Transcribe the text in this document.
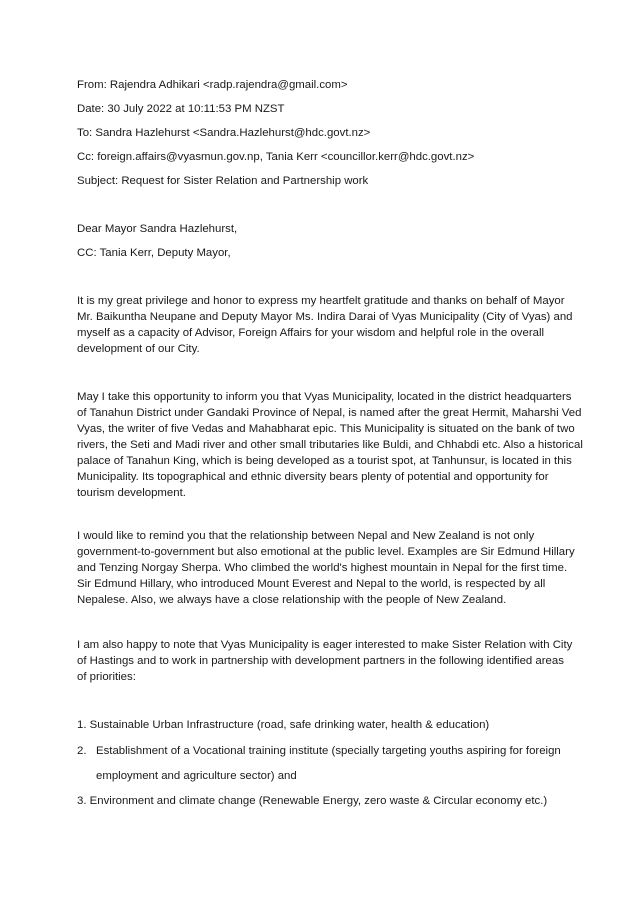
From: Rajendra Adhikari <radp.rajendra@gmail.com>
Date: 30 July 2022 at 10:11:53 PM NZST
To: Sandra Hazlehurst <Sandra.Hazlehurst@hdc.govt.nz>
Cc: foreign.affairs@vyasmun.gov.np, Tania Kerr <councillor.kerr@hdc.govt.nz>
Subject: Request for Sister Relation and Partnership work
Dear Mayor Sandra Hazlehurst,
CC: Tania Kerr, Deputy Mayor,
It is my great privilege and honor to express my heartfelt gratitude and thanks on behalf of Mayor
Mr. Baikuntha Neupane and Deputy Mayor Ms. Indira Darai of Vyas Municipality (City of Vyas) and
myself as a capacity of Advisor, Foreign Affairs for your wisdom and helpful role in the overall
development of our City.
May I take this opportunity to inform you that Vyas Municipality, located in the district headquarters
of Tanahun District under Gandaki Province of Nepal, is named after the great Hermit, Maharshi Ved
Vyas, the writer of five Vedas and Mahabharat epic. This Municipality is situated on the bank of two
rivers, the Seti and Madi river and other small tributaries like Buldi, and Chhabdi etc. Also a historical
palace of Tanahun King, which is being developed as a tourist spot, at Tanhunsur, is located in this
Municipality. Its topographical and ethnic diversity bears plenty of potential and opportunity for
tourism development.
I would like to remind you that the relationship between Nepal and New Zealand is not only
government-to-government but also emotional at the public level. Examples are Sir Edmund Hillary
and Tenzing Norgay Sherpa. Who climbed the world's highest mountain in Nepal for the first time.
Sir Edmund Hillary, who introduced Mount Everest and Nepal to the world, is respected by all
Nepalese. Also, we always have a close relationship with the people of New Zealand.
I am also happy to note that Vyas Municipality is eager interested to make Sister Relation with City
of Hastings and to work in partnership with development partners in the following identified areas
of priorities:
1. Sustainable Urban Infrastructure (road, safe drinking water, health & education)
2. Establishment of a Vocational training institute (specially targeting youths aspiring for foreign
employment and agriculture sector) and
3. Environment and climate change (Renewable Energy, zero waste & Circular economy etc.)
